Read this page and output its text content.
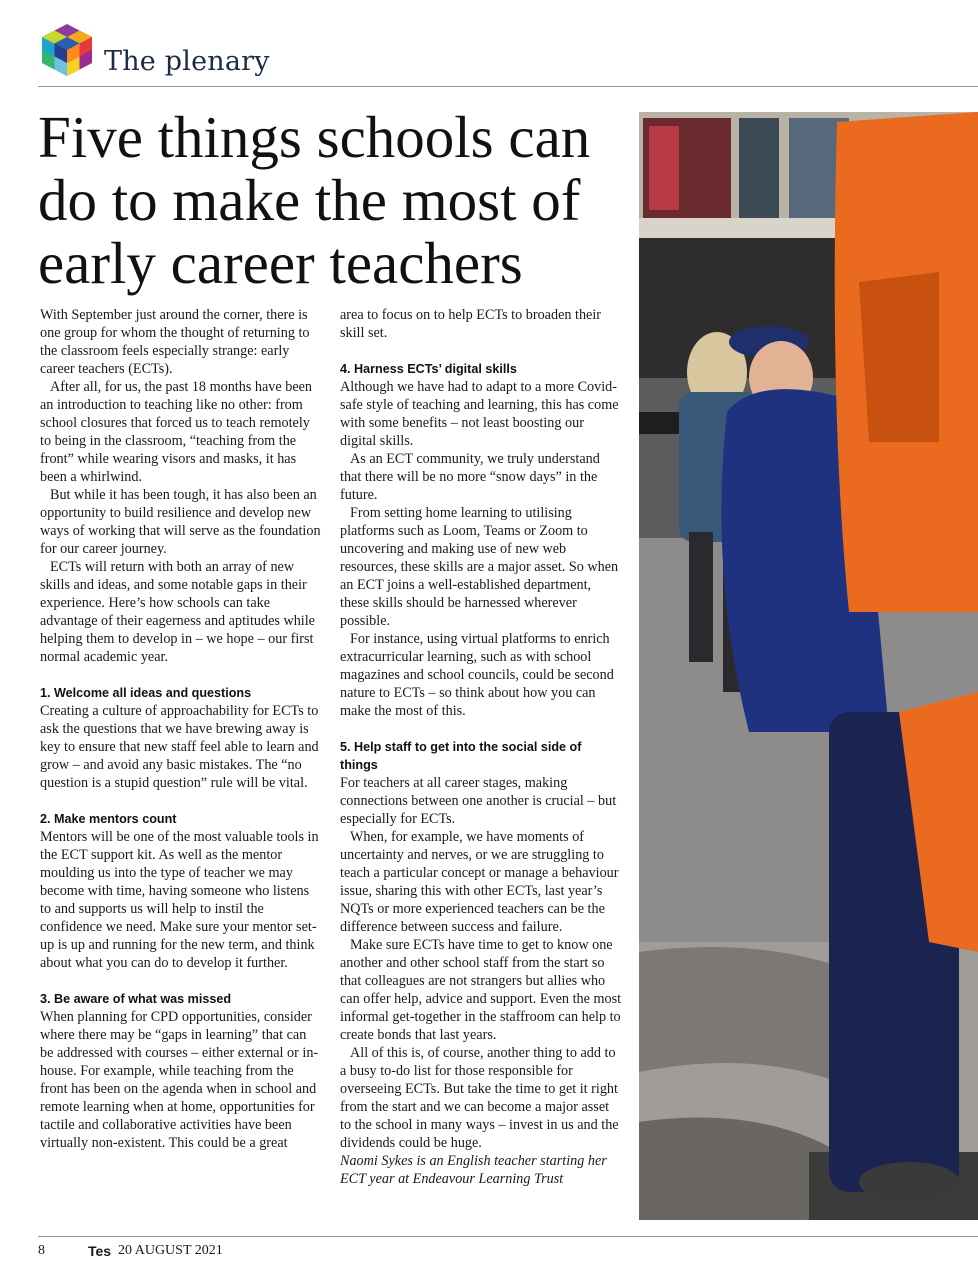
The plenary
Five things schools can do to make the most of early career teachers

With September just around the corner, there is one group for whom the thought of returning to the classroom feels especially strange: early career teachers (ECTs).

After all, for us, the past 18 months have been an introduction to teaching like no other: from school closures that forced us to teach remotely to being in the classroom, “teaching from the front” while wearing visors and masks, it has been a whirlwind.

But while it has been tough, it has also been an opportunity to build resilience and develop new ways of working that will serve as the foundation for our career journey.

ECTs will return with both an array of new skills and ideas, and some notable gaps in their experience. Here’s how schools can take advantage of their eagerness and aptitudes while helping them to develop in – we hope – our first normal academic year.

1. Welcome all ideas and questions

Creating a culture of approachability for ECTs to ask the questions that we have brewing away is key to ensure that new staff feel able to learn and grow – and avoid any basic mistakes. The “no question is a stupid question” rule will be vital.

2. Make mentors count

Mentors will be one of the most valuable tools in the ECT support kit. As well as the mentor moulding us into the type of teacher we may become with time, having someone who listens to and supports us will help to instil the confidence we need. Make sure your mentor set-up is up and running for the new term, and think about what you can do to develop it further.

3. Be aware of what was missed

When planning for CPD opportunities, consider where there may be “gaps in learning” that can be addressed with courses – either external or in-house. For example, while teaching from the front has been on the agenda when in school and remote learning when at home, opportunities for tactile and collaborative activities have been virtually non-existent. This could be a great

area to focus on to help ECTs to broaden their skill set.

4. Harness ECTs’ digital skills

Although we have had to adapt to a more Covid-safe style of teaching and learning, this has come with some benefits – not least boosting our digital skills.

As an ECT community, we truly understand that there will be no more “snow days” in the future.

From setting home learning to utilising platforms such as Loom, Teams or Zoom to uncovering and making use of new web resources, these skills are a major asset. So when an ECT joins a well-established department, these skills should be harnessed wherever possible.

For instance, using virtual platforms to enrich extracurricular learning, such as with school magazines and school councils, could be second nature to ECTs – so think about how you can make the most of this.

5. Help staff to get into the social side of things

For teachers at all career stages, making connections between one another is crucial – but especially for ECTs.

When, for example, we have moments of uncertainty and nerves, or we are struggling to teach a particular concept or manage a behaviour issue, sharing this with other ECTs, last year’s NQTs or more experienced teachers can be the difference between success and failure.

Make sure ECTs have time to get to know one another and other school staff from the start so that colleagues are not strangers but allies who can offer help, advice and support. Even the most informal get-together in the staffroom can help to create bonds that last years.

All of this is, of course, another thing to add to a busy to-do list for those responsible for overseeing ECTs. But take the time to get it right from the start and we can become a major asset to the school in many ways – invest in us and the dividends could be huge.

Naomi Sykes is an English teacher starting her ECT year at Endeavour Learning Trust

8	Tes 20 AUGUST 2021
